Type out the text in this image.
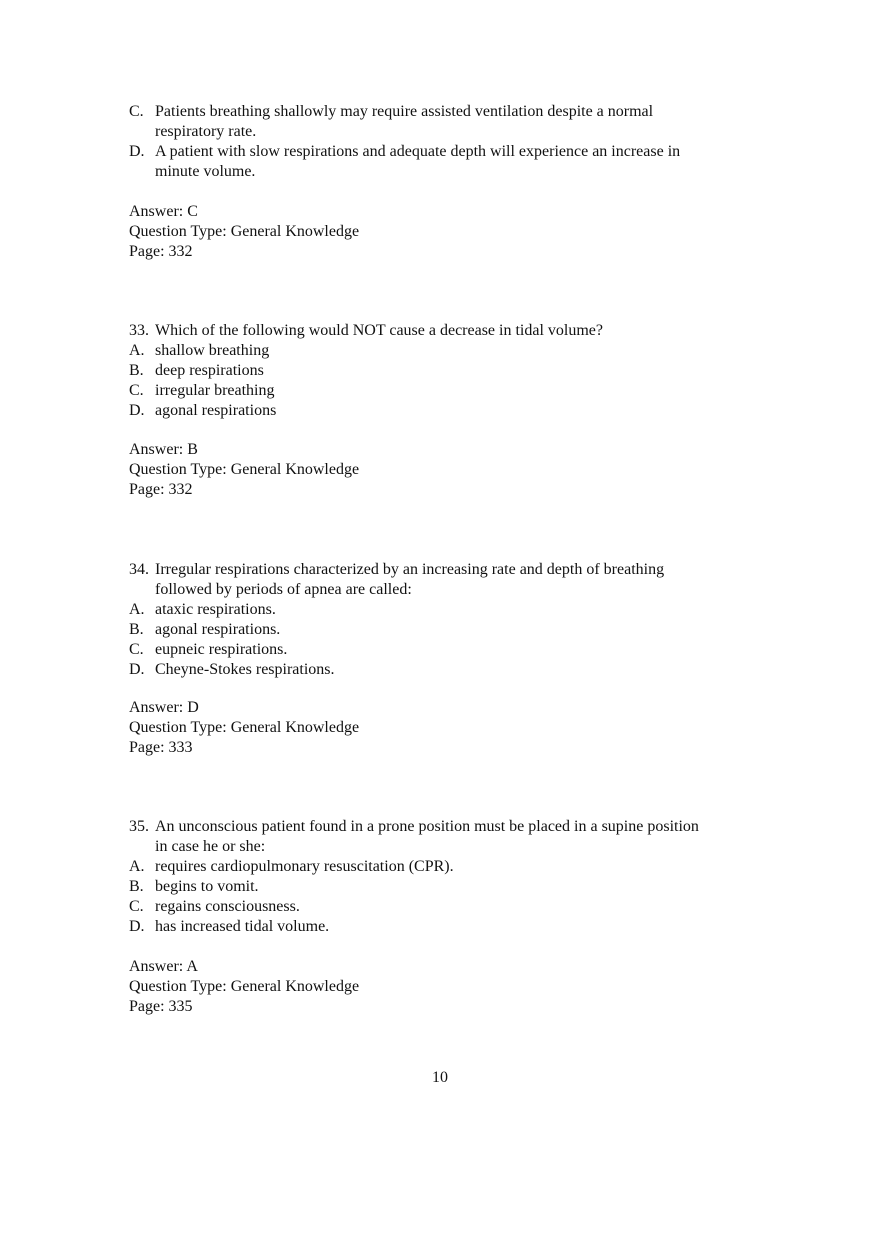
C. Patients breathing shallowly may require assisted ventilation despite a normal
respiratory rate.
D. A patient with slow respirations and adequate depth will experience an increase in
minute volume.
Answer: C
Question Type: General Knowledge
Page: 332
33. Which of the following would NOT cause a decrease in tidal volume?
A. shallow breathing
B. deep respirations
C. irregular breathing
D. agonal respirations
Answer: B
Question Type: General Knowledge
Page: 332
34. Irregular respirations characterized by an increasing rate and depth of breathing
followed by periods of apnea are called:
A. ataxic respirations.
B. agonal respirations.
C. eupneic respirations.
D. Cheyne-Stokes respirations.
Answer: D
Question Type: General Knowledge
Page: 333
35. An unconscious patient found in a prone position must be placed in a supine position
in case he or she:
A. requires cardiopulmonary resuscitation (CPR).
B. begins to vomit.
C. regains consciousness.
D. has increased tidal volume.
Answer: A
Question Type: General Knowledge
Page: 335
10
